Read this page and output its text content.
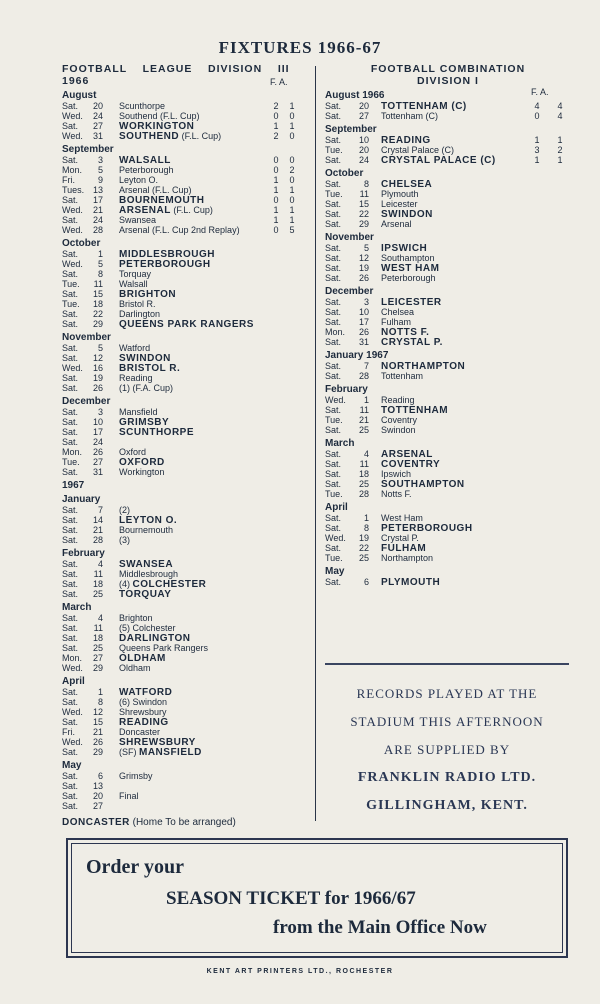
FIXTURES 1966-67
FOOTBALL    LEAGUE    DIVISION    III
1966	F. A.
August
Sat.	20 Scunthorpe	2	1
Wed.	24 Southend (F.L. Cup)	0	0
Sat.	27 WORKINGTON	1	1
Wed.	31 SOUTHEND (F.L. Cup)	2	0
September
Sat.	3 WALSALL	0	0
Mon.	5 Peterborough	0	2
Fri.	9 Leyton O.	1	0
Tues. 13 Arsenal (F.L. Cup)	1	1
Sat.	17 BOURNEMOUTH	0	0
Wed.	21 ARSENAL (F.L. Cup)	1	1
Sat.	24 Swansea	1	1
Wed.	28 Arsenal (F.L. Cup 2nd Replay)	0	5
October
Sat.	1 MIDDLESBROUGH
Wed.	5 PETERBOROUGH
Sat.	8 Torquay
Tue.	11 Walsall
Sat.	15 BRIGHTON
Tue.	18 Bristol R.
Sat.	22 Darlington
Sat.	29 QUEENS PARK RANGERS
November
Sat.	5 Watford
Sat.	12 SWINDON
Wed.	16 BRISTOL R.
Sat.	19 Reading
Sat.	26 (1) (F.A. Cup)
December
Sat.	3 Mansfield
Sat.	10 GRIMSBY
Sat.	17 SCUNTHORPE
Sat.	24
Mon.	26 Oxford
Tue.	27 OXFORD
Sat.	31 Workington
1967
January
Sat.	7 (2)
Sat.	14 LEYTON O.
Sat.	21 Bournemouth
Sat.	28 (3)
February
Sat.	4 SWANSEA
Sat.	11 Middlesbrough
Sat.	18 (4) COLCHESTER
Sat.	25 TORQUAY
March
Sat.	4 Brighton
Sat.	11 (5) Colchester
Sat.	18 DARLINGTON
Sat.	25 Queens Park Rangers
Mon.	27 OLDHAM
Wed.	29 Oldham
April
Sat.	1 WATFORD
Sat.	8 (6) Swindon
Wed.	12 Shrewsbury
Sat.	15 READING
Fri.	21 Doncaster
Wed.	26 SHREWSBURY
Sat.	29 (SF) MANSFIELD
May
Sat.	6 Grimsby
Sat.	13
Sat.	20 Final
Sat.	27
DONCASTER (Home To be arranged)
FOOTBALL COMBINATION
DIVISION I
F. A.
August 1966
Sat.	20 TOTTENHAM (C)	4	4
Sat.	27 Tottenham (C)	0	4
September
Sat.	10 READING	1	1
Tue.	20 Crystal Palace (C)	3	2
Sat.	24 CRYSTAL PALACE (C)	1	1
October
Sat.	8 CHELSEA
Tue.	11 Plymouth
Sat.	15 Leicester
Sat.	22 SWINDON
Sat.	29 Arsenal
November
Sat.	5 IPSWICH
Sat.	12 Southampton
Sat.	19 WEST HAM
Sat.	26 Peterborough
December
Sat.	3 LEICESTER
Sat.	10 Chelsea
Sat.	17 Fulham
Mon.	26 NOTTS F.
Sat.	31 CRYSTAL P.
January 1967
Sat.	7 NORTHAMPTON
Sat.	28 Tottenham
February
Wed.	1 Reading
Sat.	11 TOTTENHAM
Tue.	21 Coventry
Sat.	25 Swindon
March
Sat.	4 ARSENAL
Sat.	11 COVENTRY
Sat.	18 Ipswich
Sat.	25 SOUTHAMPTON
Tue.	28 Notts F.
April
Sat.	1 West Ham
Sat.	8 PETERBOROUGH
Wed.	19 Crystal P.
Sat.	22 FULHAM
Tue.	25 Northampton
May
Sat.	6 PLYMOUTH
RECORDS PLAYED AT THE
STADIUM THIS AFTERNOON
ARE SUPPLIED BY
FRANKLIN RADIO LTD.
GILLINGHAM, KENT.
Order your
SEASON TICKET for 1966/67
from the Main Office Now
KENT ART PRINTERS LTD., ROCHESTER
